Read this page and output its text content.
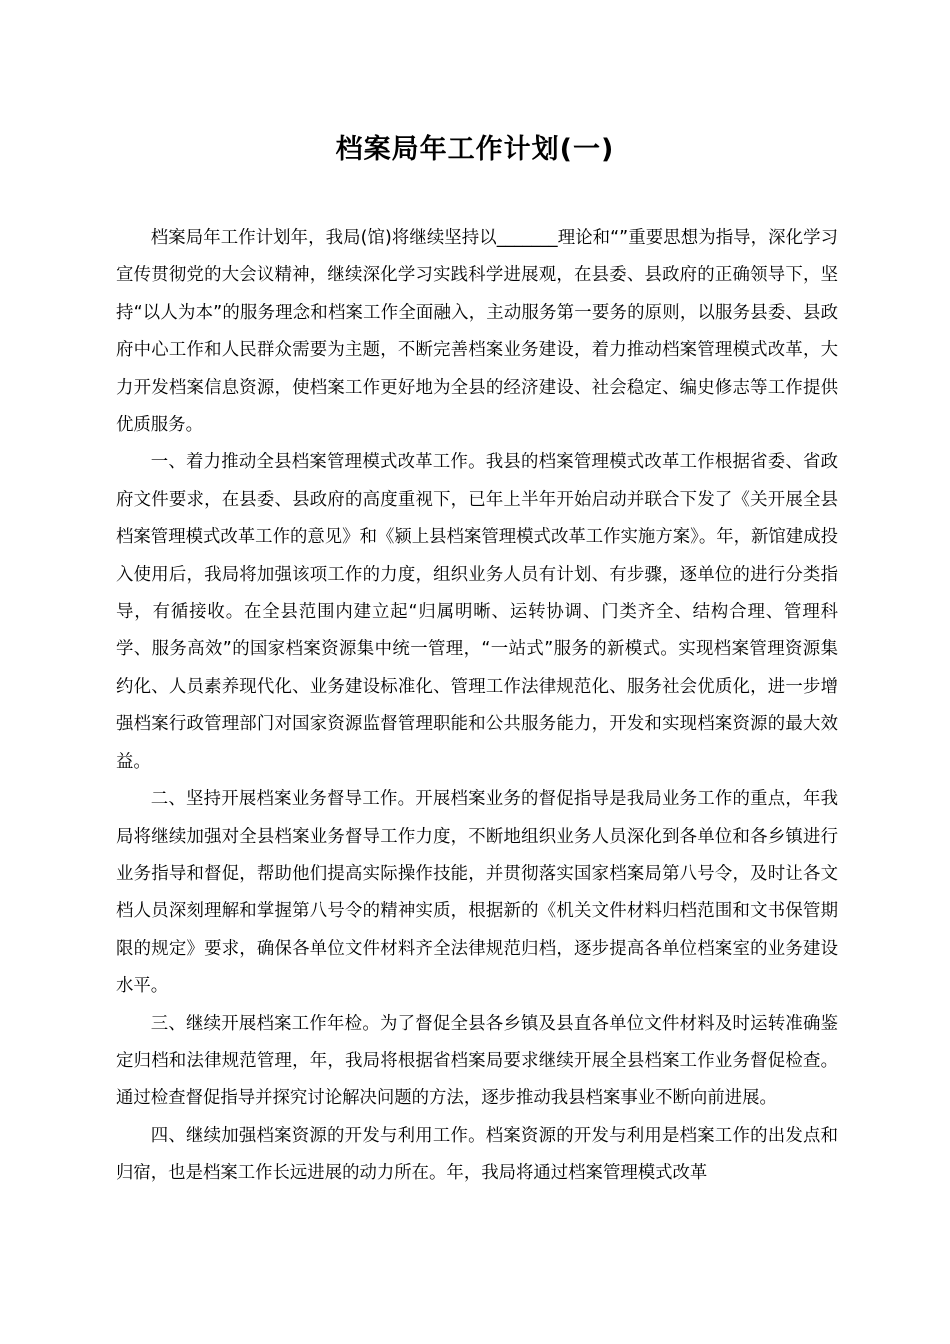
档案局年工作计划(一)

档案局年工作计划年，我局(馆)将继续坚持以_______理论和“”重要思想为指导，深化学习宣传贯彻党的大会议精神，继续深化学习实践科学进展观，在县委、县政府的正确领导下，坚持“以人为本”的服务理念和档案工作全面融入，主动服务第一要务的原则，以服务县委、县政府中心工作和人民群众需要为主题，不断完善档案业务建设，着力推动档案管理模式改革，大力开发档案信息资源，使档案工作更好地为全县的经济建设、社会稳定、编史修志等工作提供优质服务。

一、着力推动全县档案管理模式改革工作。我县的档案管理模式改革工作根据省委、省政府文件要求，在县委、县政府的高度重视下，已年上半年开始启动并联合下发了《关开展全县档案管理模式改革工作的意见》和《颍上县档案管理模式改革工作实施方案》。年，新馆建成投入使用后，我局将加强该项工作的力度，组织业务人员有计划、有步骤，逐单位的进行分类指导，有循接收。在全县范围内建立起“归属明晰、运转协调、门类齐全、结构合理、管理科学、服务高效”的国家档案资源集中统一管理，“一站式”服务的新模式。实现档案管理资源集约化、人员素养现代化、业务建设标准化、管理工作法律规范化、服务社会优质化，进一步增强档案行政管理部门对国家资源监督管理职能和公共服务能力，开发和实现档案资源的最大效益。

二、坚持开展档案业务督导工作。开展档案业务的督促指导是我局业务工作的重点，年我局将继续加强对全县档案业务督导工作力度，不断地组织业务人员深化到各单位和各乡镇进行业务指导和督促，帮助他们提高实际操作技能，并贯彻落实国家档案局第八号令，及时让各文档人员深刻理解和掌握第八号令的精神实质，根据新的《机关文件材料归档范围和文书保管期限的规定》要求，确保各单位文件材料齐全法律规范归档，逐步提高各单位档案室的业务建设水平。

三、继续开展档案工作年检。为了督促全县各乡镇及县直各单位文件材料及时运转准确鉴定归档和法律规范管理，年，我局将根据省档案局要求继续开展全县档案工作业务督促检查。通过检查督促指导并探究讨论解决问题的方法，逐步推动我县档案事业不断向前进展。

四、继续加强档案资源的开发与利用工作。档案资源的开发与利用是档案工作的出发点和归宿，也是档案工作长远进展的动力所在。年，我局将通过档案管理模式改革
